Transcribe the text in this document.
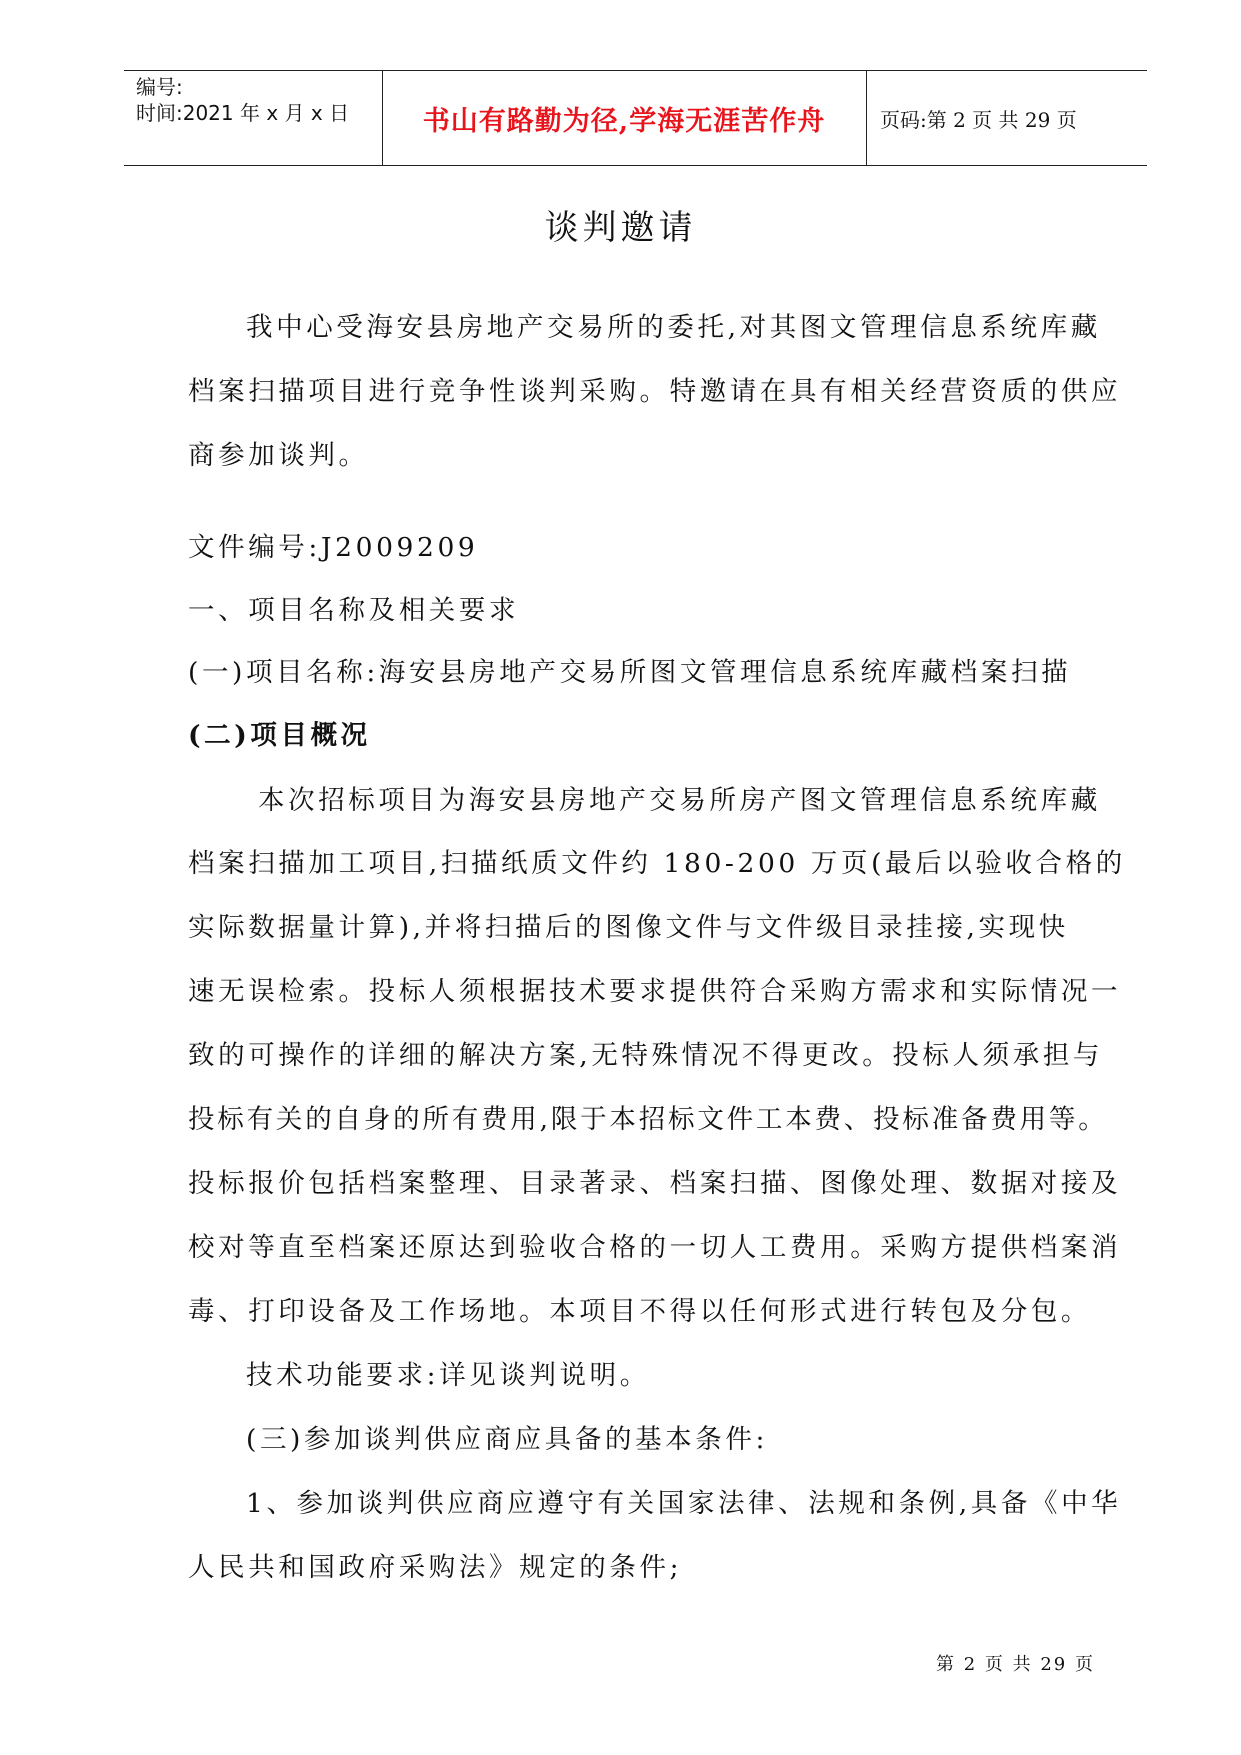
编号:
时间:2021 年 x 月 x 日	书山有路勤为径,学海无涯苦作舟	页码:第 2 页 共 29 页
谈判邀请
我中心受海安县房地产交易所的委托,对其图文管理信息系统库藏
档案扫描项目进行竞争性谈判采购。特邀请在具有相关经营资质的供应
商参加谈判。
文件编号:J2009209
一、项目名称及相关要求
(一)项目名称:海安县房地产交易所图文管理信息系统库藏档案扫描
(二)项目概况
本次招标项目为海安县房地产交易所房产图文管理信息系统库藏
档案扫描加工项目,扫描纸质文件约 180-200 万页(最后以验收合格的
实际数据量计算),并将扫描后的图像文件与文件级目录挂接,实现快
速无误检索。投标人须根据技术要求提供符合采购方需求和实际情况一
致的可操作的详细的解决方案,无特殊情况不得更改。投标人须承担与
投标有关的自身的所有费用,限于本招标文件工本费、投标准备费用等。
投标报价包括档案整理、目录著录、档案扫描、图像处理、数据对接及
校对等直至档案还原达到验收合格的一切人工费用。采购方提供档案消
毒、打印设备及工作场地。本项目不得以任何形式进行转包及分包。
技术功能要求:详见谈判说明。
(三)参加谈判供应商应具备的基本条件:
1、参加谈判供应商应遵守有关国家法律、法规和条例,具备《中华
人民共和国政府采购法》规定的条件;
第 2 页 共 29 页
